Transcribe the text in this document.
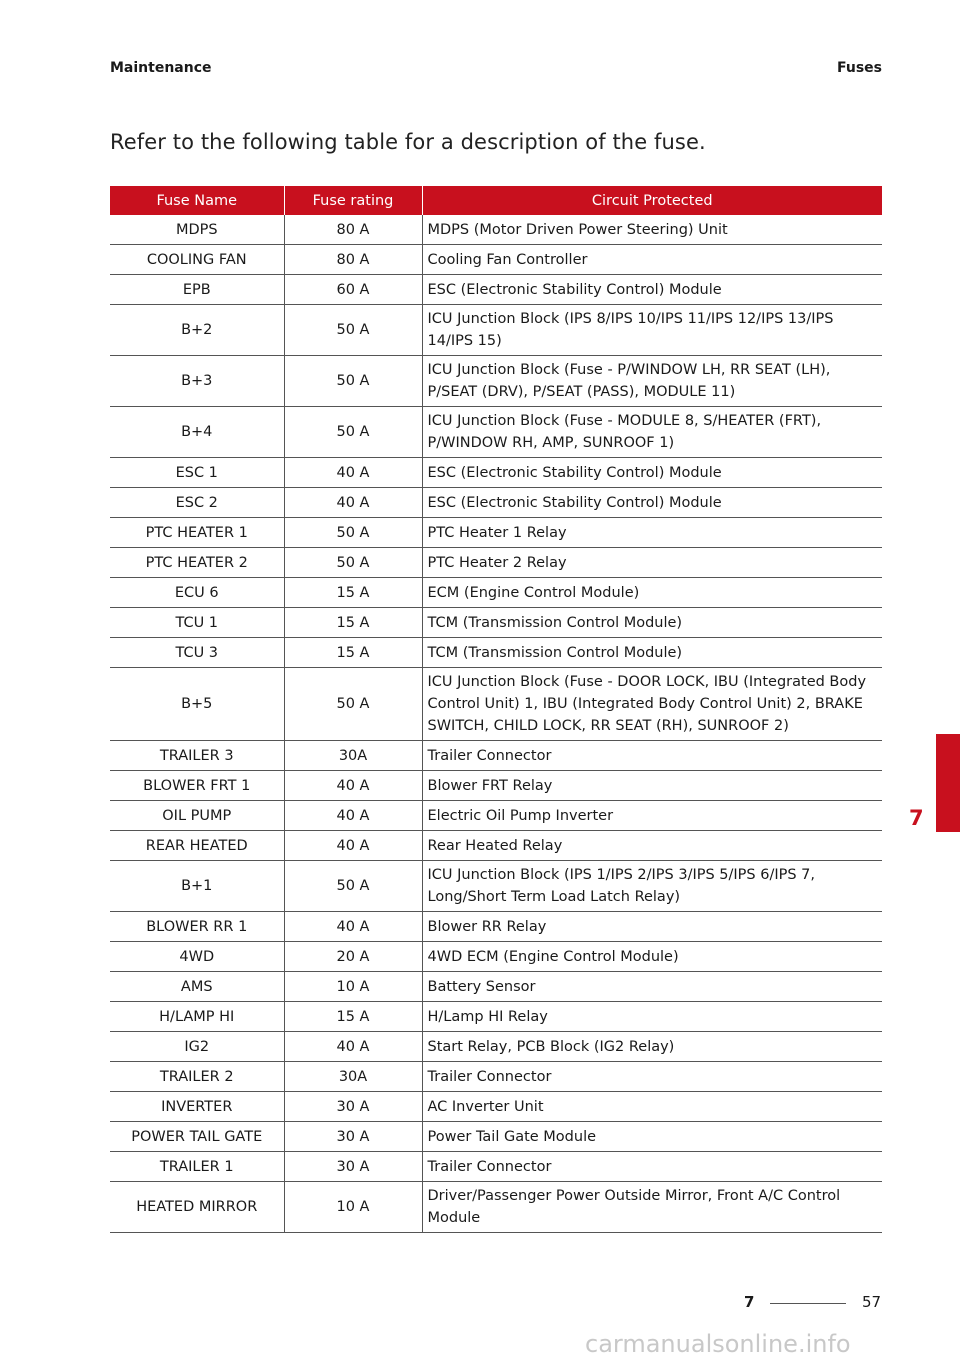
Maintenance	Fuses
Refer to the following table for a description of the fuse.
Fuse Name	Fuse rating	Circuit Protected
MDPS	80 A	MDPS (Motor Driven Power Steering) Unit
COOLING FAN	80 A	Cooling Fan Controller
EPB	60 A	ESC (Electronic Stability Control) Module
B+2	50 A	ICU Junction Block (IPS 8/IPS 10/IPS 11/IPS 12/IPS 13/IPS 14/IPS 15)
B+3	50 A	ICU Junction Block (Fuse - P/WINDOW LH, RR SEAT (LH), P/SEAT (DRV), P/SEAT (PASS), MODULE 11)
B+4	50 A	ICU Junction Block (Fuse - MODULE 8, S/HEATER (FRT), P/WINDOW RH, AMP, SUNROOF 1)
ESC 1	40 A	ESC (Electronic Stability Control) Module
ESC 2	40 A	ESC (Electronic Stability Control) Module
PTC HEATER 1	50 A	PTC Heater 1 Relay
PTC HEATER 2	50 A	PTC Heater 2 Relay
ECU 6	15 A	ECM (Engine Control Module)
TCU 1	15 A	TCM (Transmission Control Module)
TCU 3	15 A	TCM (Transmission Control Module)
B+5	50 A	ICU Junction Block (Fuse - DOOR LOCK, IBU (Integrated Body Control Unit) 1, IBU (Integrated Body Control Unit) 2, BRAKE SWITCH, CHILD LOCK, RR SEAT (RH), SUNROOF 2)
TRAILER 3	30A	Trailer Connector
BLOWER FRT 1	40 A	Blower FRT Relay
OIL PUMP	40 A	Electric Oil Pump Inverter
REAR HEATED	40 A	Rear Heated Relay
B+1	50 A	ICU Junction Block (IPS 1/IPS 2/IPS 3/IPS 5/IPS 6/IPS 7, Long/Short Term Load Latch Relay)
BLOWER RR 1	40 A	Blower RR Relay
4WD	20 A	4WD ECM (Engine Control Module)
AMS	10 A	Battery Sensor
H/LAMP HI	15 A	H/Lamp HI Relay
IG2	40 A	Start Relay, PCB Block (IG2 Relay)
TRAILER 2	30A	Trailer Connector
INVERTER	30 A	AC Inverter Unit
POWER TAIL GATE	30 A	Power Tail Gate Module
TRAILER 1	30 A	Trailer Connector
HEATED MIRROR	10 A	Driver/Passenger Power Outside Mirror, Front A/C Control Module
7
7	57
carmanualsonline.info
